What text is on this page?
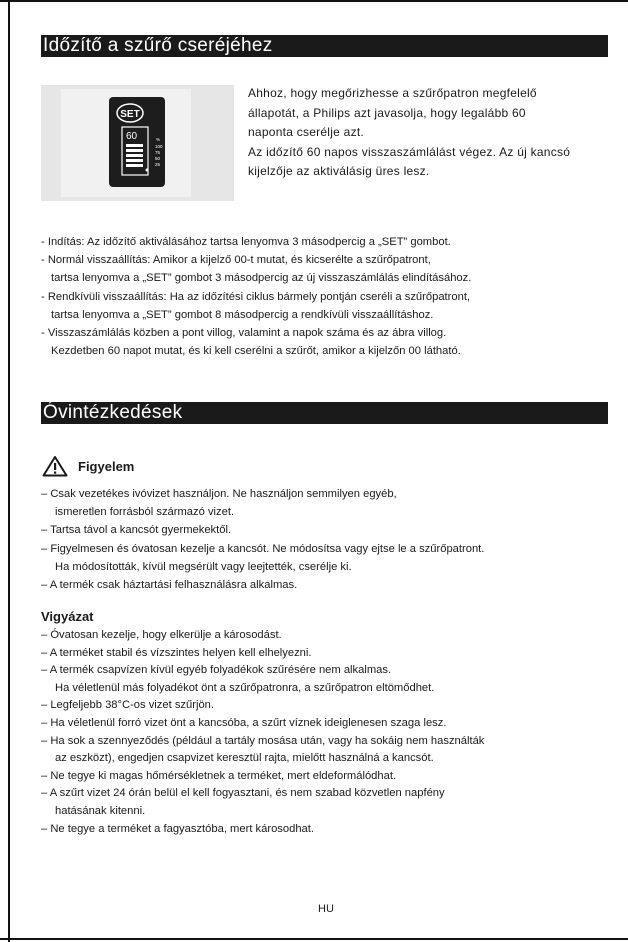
Időzítő a szűrő cseréjéhez
SET
60	%
100
75
50
25

Ahhoz, hogy megőrizhesse a szűrőpatron megfelelő

állapotát, a Philips azt javasolja, hogy legalább 60

naponta cserélje azt.

Az időzítő 60 napos visszaszámlálást végez. Az új kancsó

kijelzője az aktiválásig üres lesz.

- Indítás: Az időzítő aktiválásához tartsa lenyomva 3 másodpercig a „SET” gombot.
- Normál visszaállítás: Amikor a kijelző 00-t mutat, és kicserélte a szűrőpatront,
tartsa lenyomva a „SET” gombot 3 másodpercig az új visszaszámlálás elindításához.
- Rendkívüli visszaállítás: Ha az időzítési ciklus bármely pontján cseréli a szűrőpatront,
tartsa lenyomva a „SET” gombot 8 másodpercig a rendkívüli visszaállításhoz.
- Visszaszámlálás közben a pont villog, valamint a napok száma és az ábra villog.
Kezdetben 60 napot mutat, és ki kell cserélni a szűrőt, amikor a kijelzőn 00 látható.
Óvintézkedések
Figyelem
– Csak vezetékes ivóvizet használjon. Ne használjon semmilyen egyéb,
ismeretlen forrásból származó vizet.
– Tartsa távol a kancsót gyermekektől.
– Figyelmesen és óvatosan kezelje a kancsót. Ne módosítsa vagy ejtse le a szűrőpatront.
Ha módosították, kívül megsérült vagy leejtették, cserélje ki.
– A termék csak háztartási felhasználásra alkalmas.
Vigyázat
– Óvatosan kezelje, hogy elkerülje a károsodást.
– A terméket stabil és vízszintes helyen kell elhelyezni.
– A termék csapvízen kívül egyéb folyadékok szűrésére nem alkalmas.
Ha véletlenül más folyadékot önt a szűrőpatronra, a szűrőpatron eltömődhet.
– Legfeljebb 38°C-os vizet szűrjön.
– Ha véletlenül forró vizet önt a kancsóba, a szűrt víznek ideiglenesen szaga lesz.
– Ha sok a szennyeződés (például a tartály mosása után, vagy ha sokáig nem használták
az eszközt), engedjen csapvizet keresztül rajta, mielőtt használná a kancsót.
– Ne tegye ki magas hőmérsékletnek a terméket, mert eldeformálódhat.
– A szűrt vizet 24 órán belül el kell fogyasztani, és nem szabad közvetlen napfény
hatásának kitenni.
– Ne tegye a terméket a fagyasztóba, mert károsodhat.
HU
